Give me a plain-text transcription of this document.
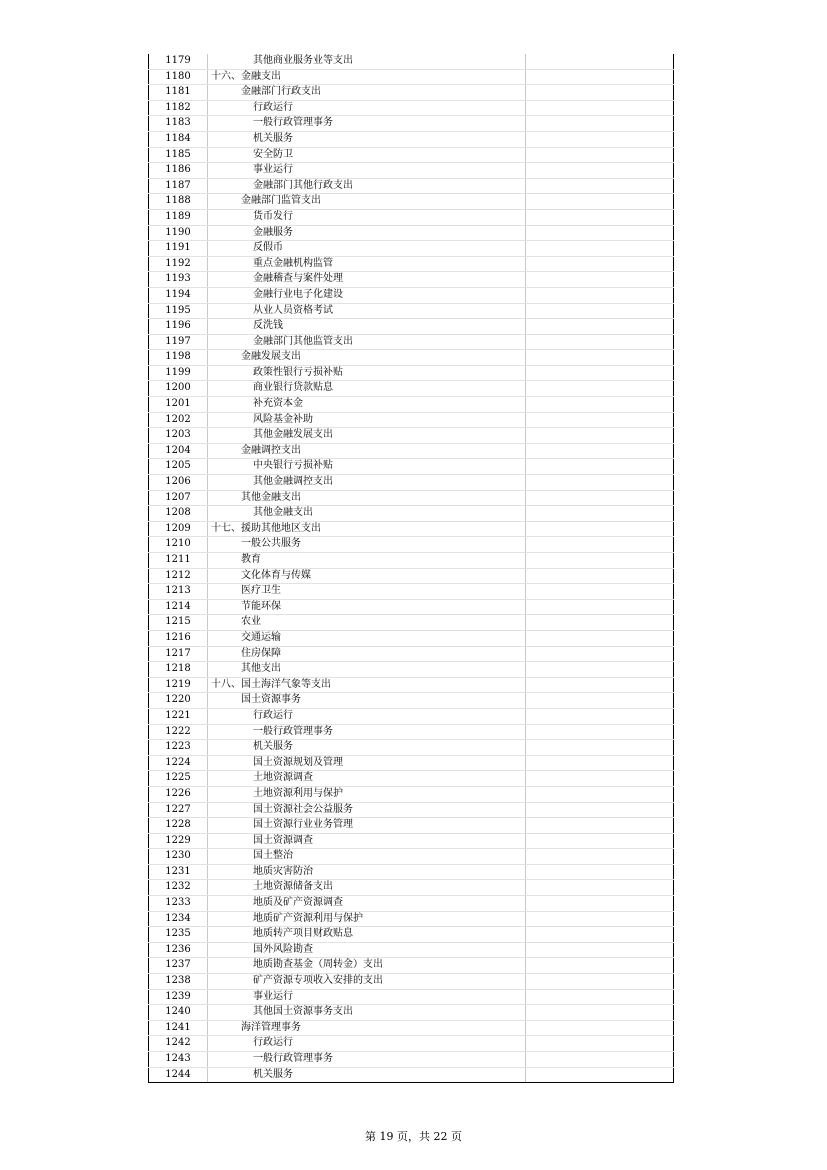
1179	其他商业服务业等支出	
1180	十六、金融支出	
1181	金融部门行政支出	
1182	行政运行	
1183	一般行政管理事务	
1184	机关服务	
1185	安全防卫	
1186	事业运行	
1187	金融部门其他行政支出	
1188	金融部门监管支出	
1189	货币发行	
1190	金融服务	
1191	反假币	
1192	重点金融机构监管	
1193	金融稽查与案件处理	
1194	金融行业电子化建设	
1195	从业人员资格考试	
1196	反洗钱	
1197	金融部门其他监管支出	
1198	金融发展支出	
1199	政策性银行亏损补贴	
1200	商业银行贷款贴息	
1201	补充资本金	
1202	风险基金补助	
1203	其他金融发展支出	
1204	金融调控支出	
1205	中央银行亏损补贴	
1206	其他金融调控支出	
1207	其他金融支出	
1208	其他金融支出	
1209	十七、援助其他地区支出	
1210	一般公共服务	
1211	教育	
1212	文化体育与传媒	
1213	医疗卫生	
1214	节能环保	
1215	农业	
1216	交通运输	
1217	住房保障	
1218	其他支出	
1219	十八、国土海洋气象等支出	
1220	国土资源事务	
1221	行政运行	
1222	一般行政管理事务	
1223	机关服务	
1224	国土资源规划及管理	
1225	土地资源调查	
1226	土地资源利用与保护	
1227	国土资源社会公益服务	
1228	国土资源行业业务管理	
1229	国土资源调查	
1230	国土整治	
1231	地质灾害防治	
1232	土地资源储备支出	
1233	地质及矿产资源调查	
1234	地质矿产资源利用与保护	
1235	地质转产项目财政贴息	
1236	国外风险勘查	
1237	地质勘查基金（周转金）支出	
1238	矿产资源专项收入安排的支出	
1239	事业运行	
1240	其他国土资源事务支出	
1241	海洋管理事务	
1242	行政运行	
1243	一般行政管理事务	
1244	机关服务	
第 19 页，共 22 页
